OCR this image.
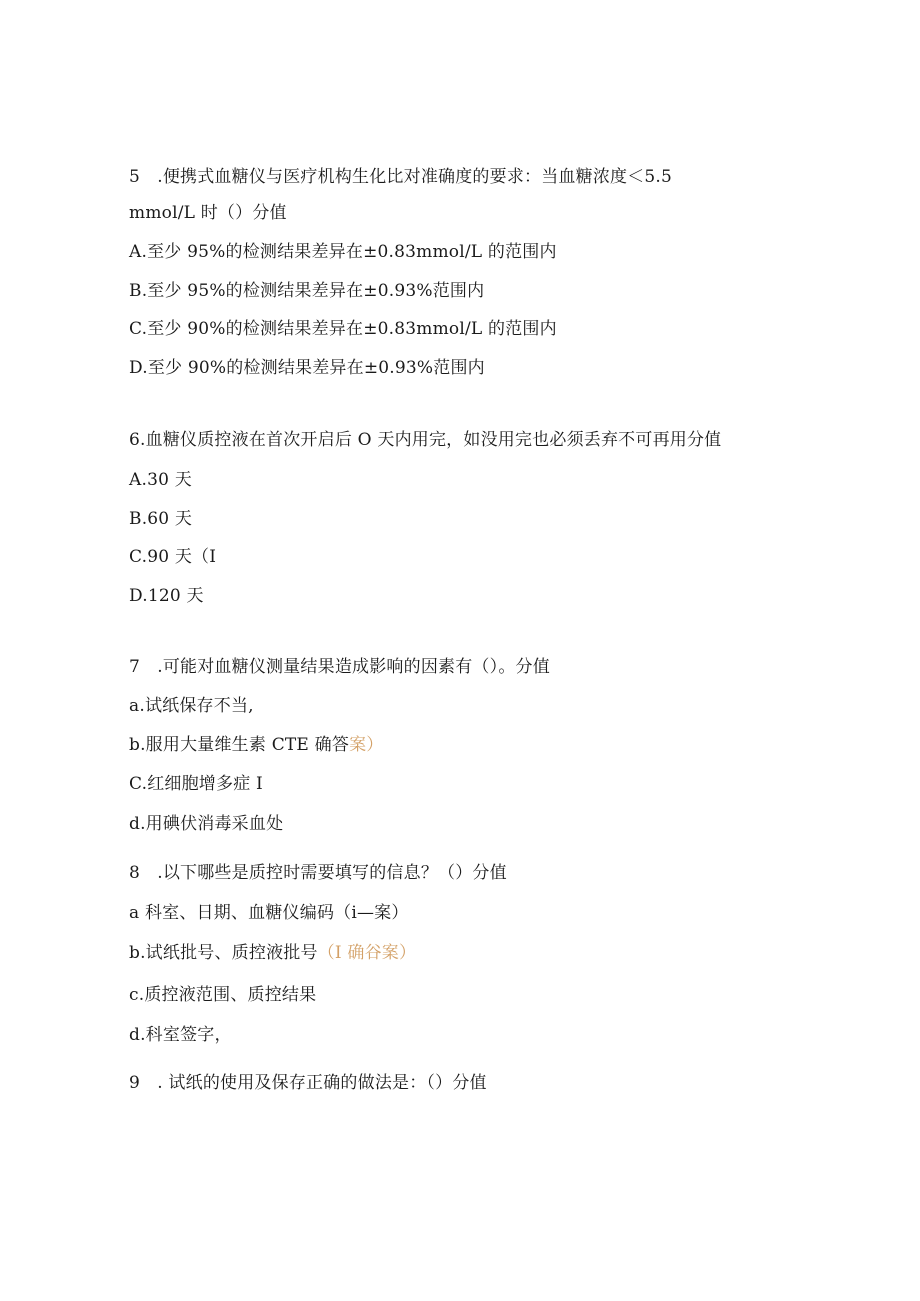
5　.便携式血糖仪与医疗机构生化比对准确度的要求：当血糖浓度＜5.5
mmol/L 时（）分值
A.至少 95%的检测结果差异在±0.83mmol/L 的范围内
B.至少 95%的检测结果差异在±0.93%范围内
C.至少 90%的检测结果差异在±0.83mmol/L 的范围内
D.至少 90%的检测结果差异在±0.93%范围内
6.血糖仪质控液在首次开启后 O 天内用完，如没用完也必须丢弃不可再用分值
A.30 天
B.60 天
C.90 天（I
D.120 天
7　.可能对血糖仪测量结果造成影响的因素有（）。分值
a.试纸保存不当,
b.服用大量维生素 CTE 确答案）
C.红细胞增多症 I
d.用碘伏消毒采血处
8　.以下哪些是质控时需要填写的信息？（）分值
a 科室、日期、血糖仪编码（i—案）
b.试纸批号、质控液批号（I 确谷案）
c.质控液范围、质控结果
d.科室签字，
9　. 试纸的使用及保存正确的做法是：（）分值
